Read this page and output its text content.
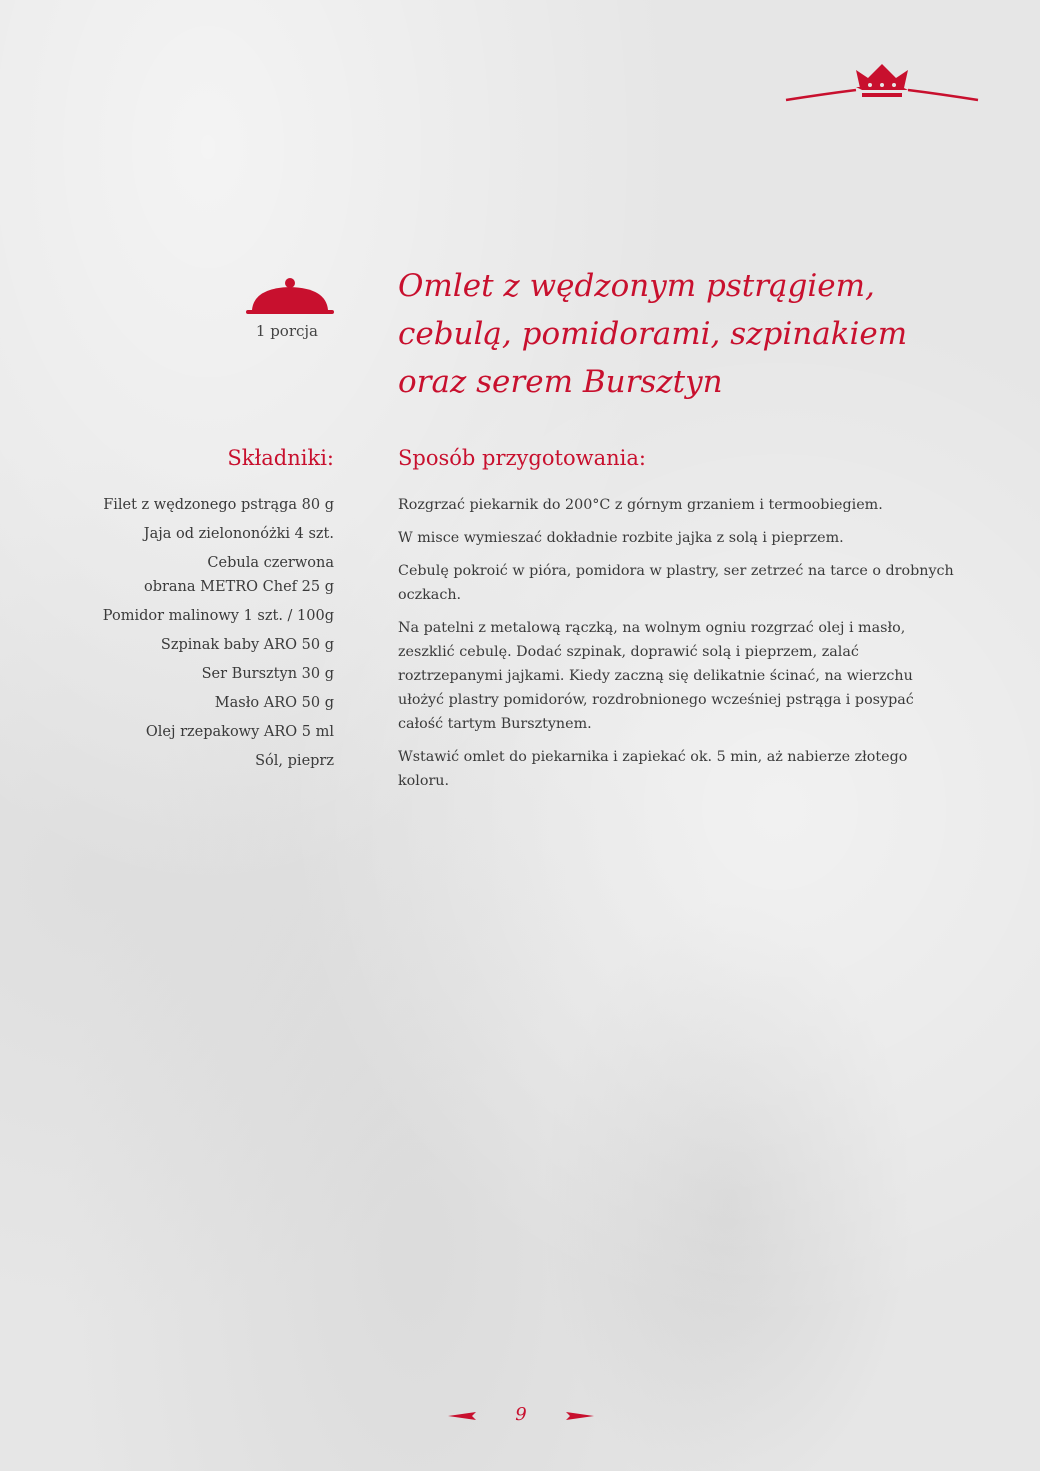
1 porcja
Omlet z wędzonym pstrągiem,
cebulą, pomidorami, szpinakiem
oraz serem Bursztyn
Składniki:
Filet z wędzonego pstrąga 80 g
Jaja od zielononóżki 4 szt.
Cebula czerwona
obrana METRO Chef 25 g
Pomidor malinowy 1 szt. / 100g
Szpinak baby ARO 50 g
Ser Bursztyn 30 g
Masło ARO 50 g
Olej rzepakowy ARO 5 ml
Sól, pieprz
Sposób przygotowania:

Rozgrzać piekarnik do 200°C z górnym grzaniem i termoobiegiem.

W misce wymieszać dokładnie rozbite jajka z solą i pieprzem.

Cebulę pokroić w pióra, pomidora w plastry, ser zetrzeć na tarce o drobnych oczkach.

Na patelni z metalową rączką, na wolnym ogniu rozgrzać olej i masło, zeszklić cebulę. Dodać szpinak, doprawić solą i pieprzem, zalać roztrzepanymi jajkami. Kiedy zaczną się delikatnie ścinać, na wierzchu ułożyć plastry pomidorów, rozdrobnionego wcześniej pstrąga i posypać całość tartym Bursztynem.

Wstawić omlet do piekarnika i zapiekać ok. 5 min, aż nabierze złotego koloru.

9
